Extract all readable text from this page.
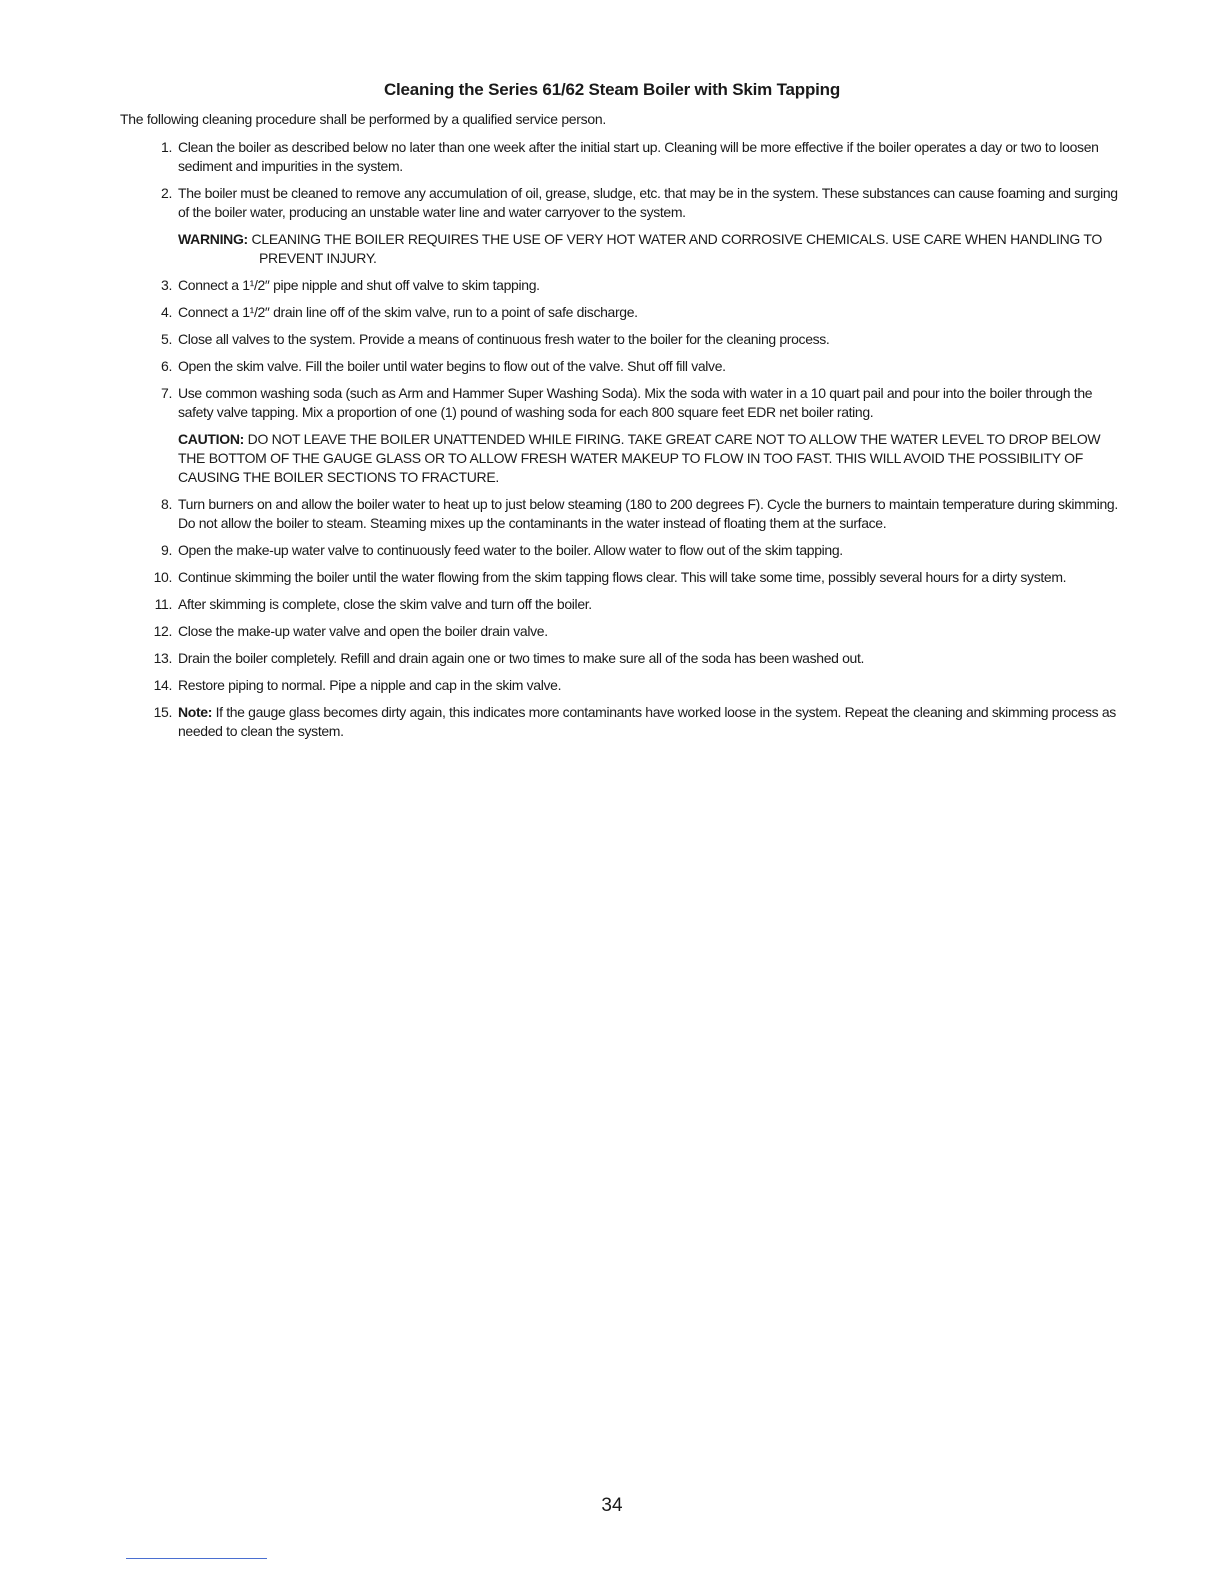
Cleaning the Series 61/62 Steam Boiler with Skim Tapping
The following cleaning procedure shall be performed by a qualified service person.
1. Clean the boiler as described below no later than one week after the initial start up. Cleaning will be more effective if the boiler operates a day or two to loosen sediment and impurities in the system.
2. The boiler must be cleaned to remove any accumulation of oil, grease, sludge, etc. that may be in the system. These substances can cause foaming and surging of the boiler water, producing an unstable water line and water carryover to the system.
WARNING: CLEANING THE BOILER REQUIRES THE USE OF VERY HOT WATER AND CORROSIVE CHEMICALS. USE CARE WHEN HANDLING TO PREVENT INJURY.
3. Connect a 1¹/2″ pipe nipple and shut off valve to skim tapping.
4. Connect a 1¹/2″ drain line off of the skim valve, run to a point of safe discharge.
5. Close all valves to the system. Provide a means of continuous fresh water to the boiler for the cleaning process.
6. Open the skim valve. Fill the boiler until water begins to flow out of the valve. Shut off fill valve.
7. Use common washing soda (such as Arm and Hammer Super Washing Soda). Mix the soda with water in a 10 quart pail and pour into the boiler through the safety valve tapping. Mix a proportion of one (1) pound of washing soda for each 800 square feet EDR net boiler rating.
CAUTION: DO NOT LEAVE THE BOILER UNATTENDED WHILE FIRING. TAKE GREAT CARE NOT TO ALLOW THE WATER LEVEL TO DROP BELOW THE BOTTOM OF THE GAUGE GLASS OR TO ALLOW FRESH WATER MAKEUP TO FLOW IN TOO FAST. THIS WILL AVOID THE POSSIBILITY OF CAUSING THE BOILER SECTIONS TO FRACTURE.
8. Turn burners on and allow the boiler water to heat up to just below steaming (180 to 200 degrees F). Cycle the burners to maintain temperature during skimming. Do not allow the boiler to steam. Steaming mixes up the contaminants in the water instead of floating them at the surface.
9. Open the make-up water valve to continuously feed water to the boiler. Allow water to flow out of the skim tapping.
10. Continue skimming the boiler until the water flowing from the skim tapping flows clear. This will take some time, possibly several hours for a dirty system.
11. After skimming is complete, close the skim valve and turn off the boiler.
12. Close the make-up water valve and open the boiler drain valve.
13. Drain the boiler completely. Refill and drain again one or two times to make sure all of the soda has been washed out.
14. Restore piping to normal. Pipe a nipple and cap in the skim valve.
15. Note: If the gauge glass becomes dirty again, this indicates more contaminants have worked loose in the system. Repeat the cleaning and skimming process as needed to clean the system.
34
